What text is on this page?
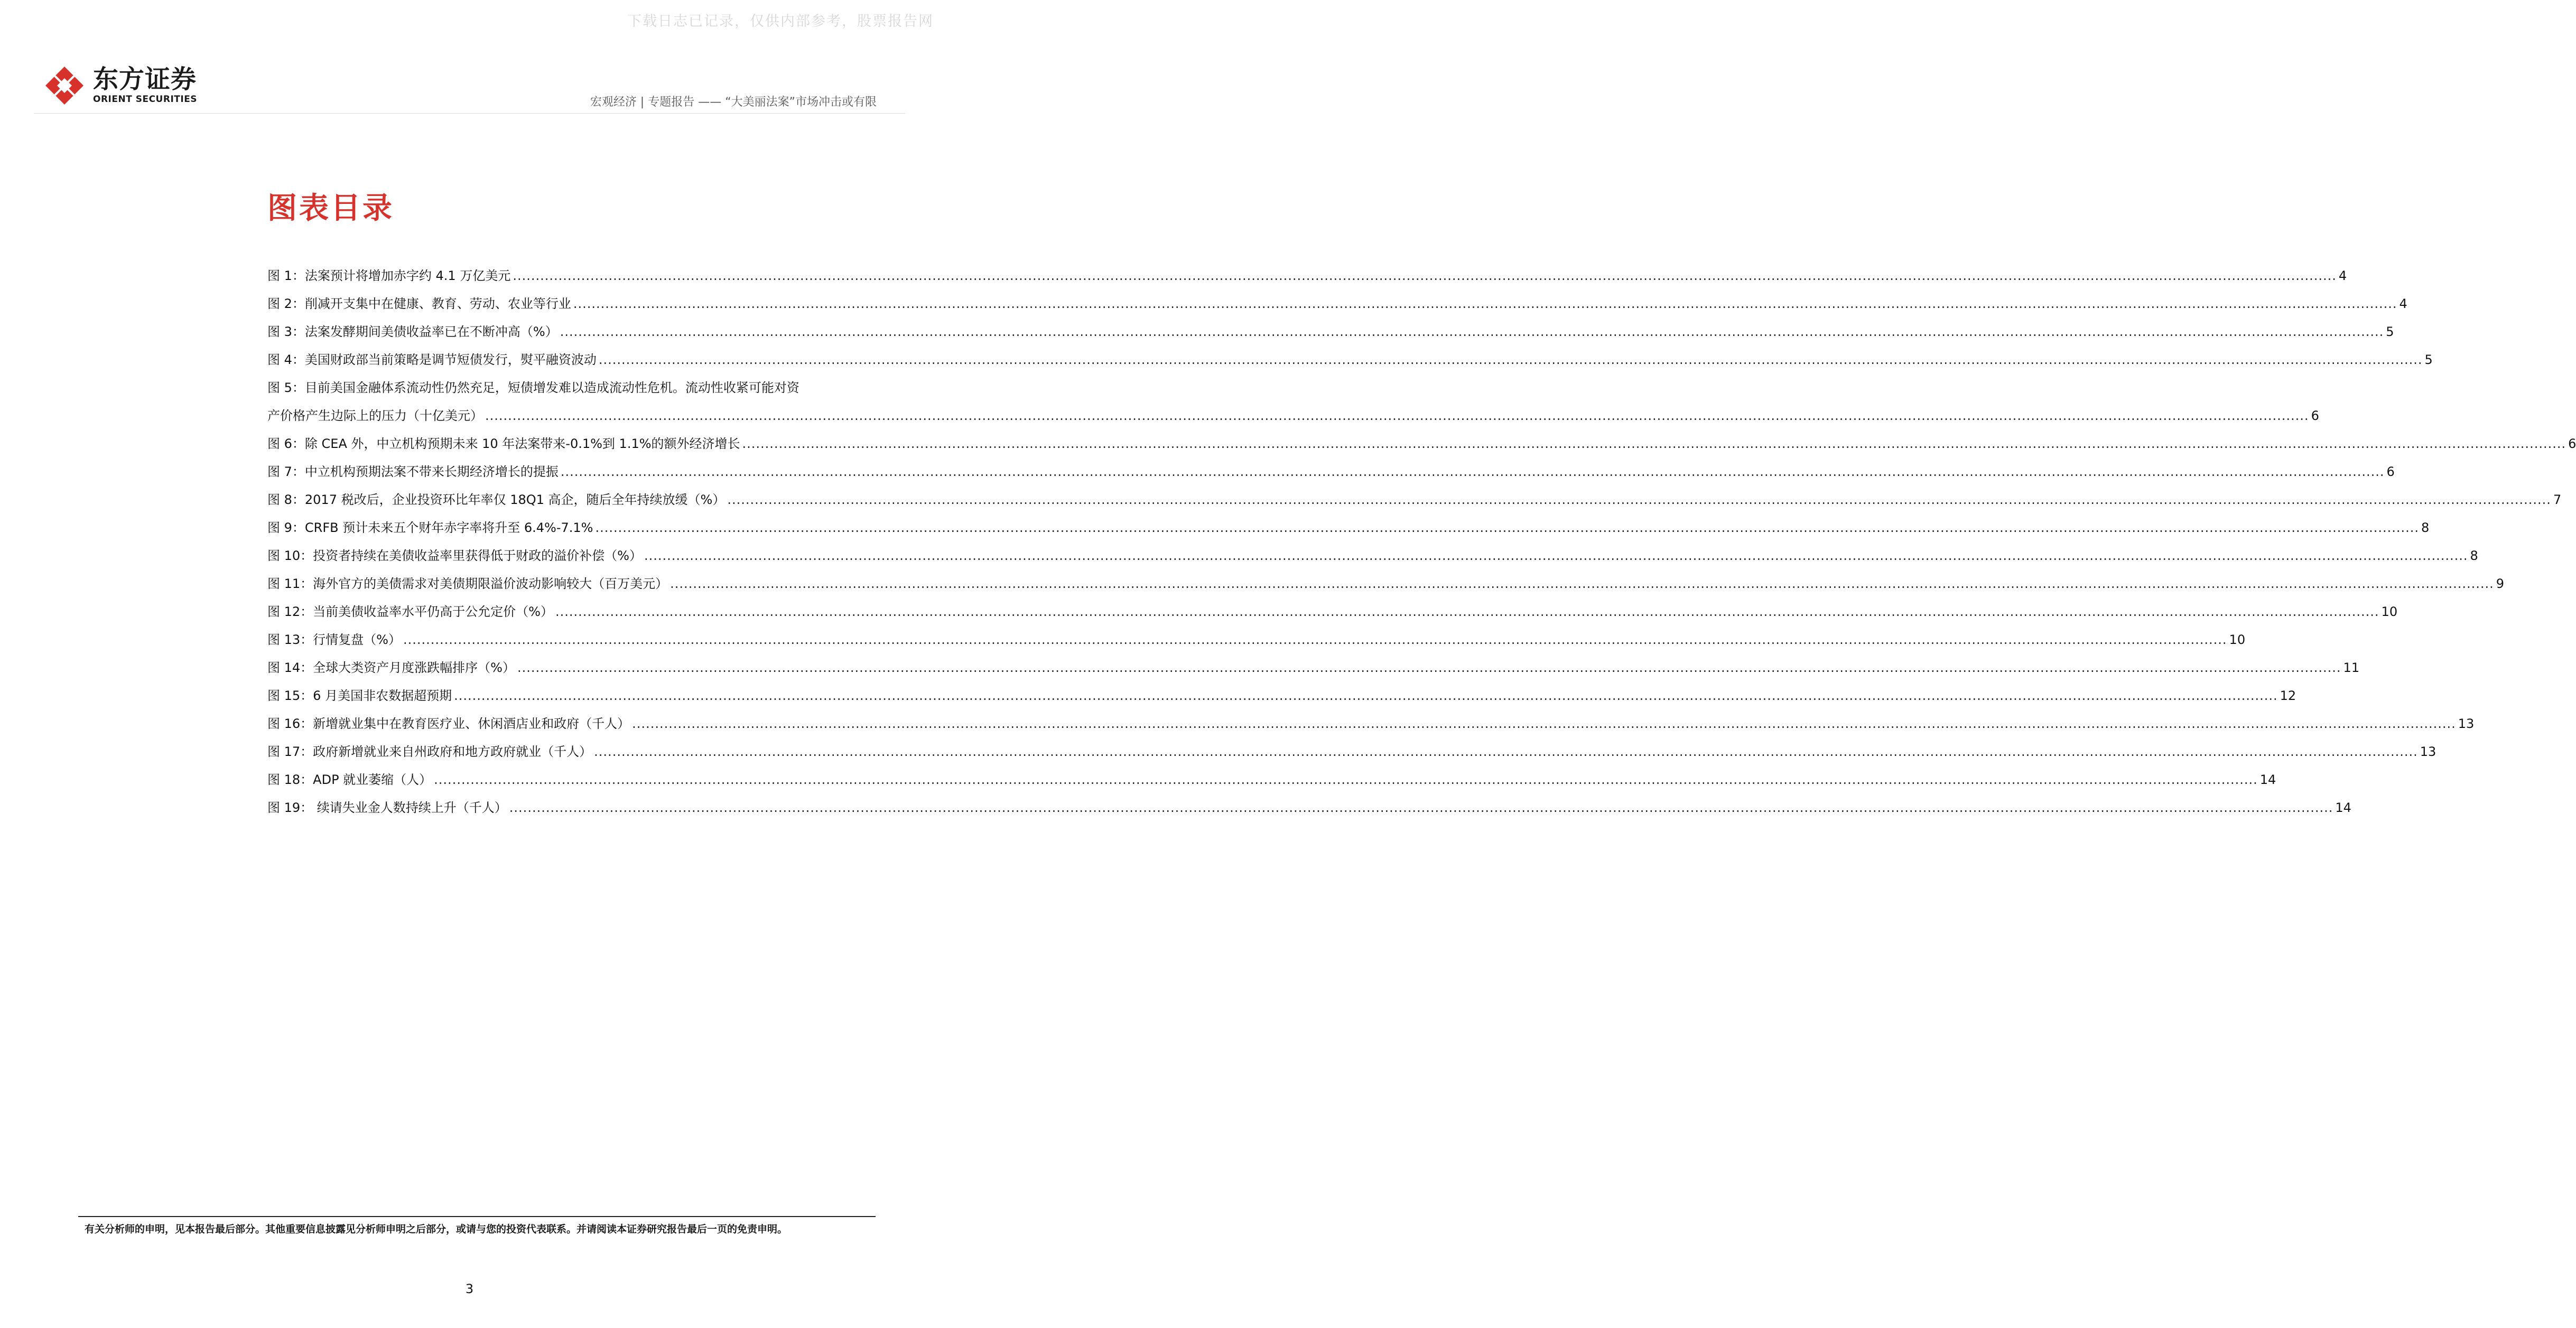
下载日志已记录，仅供内部参考，股票报告网
东方证券
ORIENT SECURITIES	宏观经济 | 专题报告 —— “大美丽法案”市场冲击或有限
图表目录
图 1：法案预计将增加赤字约 4.1 万亿美元 ................................................................................................................................................................................................................................................................................................................................................................................................................ 4
图 2：削减开支集中在健康、教育、劳动、农业等行业 ................................................................................................................................................................................................................................................................................................................................................................................................................ 4
图 3：法案发酵期间美债收益率已在不断冲高（%） ................................................................................................................................................................................................................................................................................................................................................................................................................ 5
图 4：美国财政部当前策略是调节短债发行，熨平融资波动 ................................................................................................................................................................................................................................................................................................................................................................................................................ 5
图 5：目前美国金融体系流动性仍然充足，短债增发难以造成流动性危机。流动性收紧可能对资
产价格产生边际上的压力（十亿美元） ................................................................................................................................................................................................................................................................................................................................................................................................................ 6
图 6：除 CEA 外，中立机构预期未来 10 年法案带来-0.1%到 1.1%的额外经济增长 ................................................................................................................................................................................................................................................................................................................................................................................................................ 6
图 7：中立机构预期法案不带来长期经济增长的提振 ................................................................................................................................................................................................................................................................................................................................................................................................................ 6
图 8：2017 税改后，企业投资环比年率仅 18Q1 高企，随后全年持续放缓（%） ................................................................................................................................................................................................................................................................................................................................................................................................................ 7
图 9：CRFB 预计未来五个财年赤字率将升至 6.4%-7.1% ................................................................................................................................................................................................................................................................................................................................................................................................................ 8
图 10：投资者持续在美债收益率里获得低于财政的溢价补偿（%） ................................................................................................................................................................................................................................................................................................................................................................................................................ 8
图 11：海外官方的美债需求对美债期限溢价波动影响较大（百万美元） ................................................................................................................................................................................................................................................................................................................................................................................................................ 9
图 12：当前美债收益率水平仍高于公允定价（%） ................................................................................................................................................................................................................................................................................................................................................................................................................ 10
图 13：行情复盘（%） ................................................................................................................................................................................................................................................................................................................................................................................................................ 10
图 14：全球大类资产月度涨跌幅排序（%） ................................................................................................................................................................................................................................................................................................................................................................................................................ 11
图 15：6 月美国非农数据超预期 ................................................................................................................................................................................................................................................................................................................................................................................................................ 12
图 16：新增就业集中在教育医疗业、休闲酒店业和政府（千人） ................................................................................................................................................................................................................................................................................................................................................................................................................ 13
图 17：政府新增就业来自州政府和地方政府就业（千人） ................................................................................................................................................................................................................................................................................................................................................................................................................ 13
图 18：ADP 就业萎缩（人） ................................................................................................................................................................................................................................................................................................................................................................................................................ 14
图 19： 续请失业金人数持续上升（千人） ................................................................................................................................................................................................................................................................................................................................................................................................................ 14
有关分析师的申明，见本报告最后部分。其他重要信息披露见分析师申明之后部分，或请与您的投资代表联系。并请阅读本证券研究报告最后一页的免责申明。
3
